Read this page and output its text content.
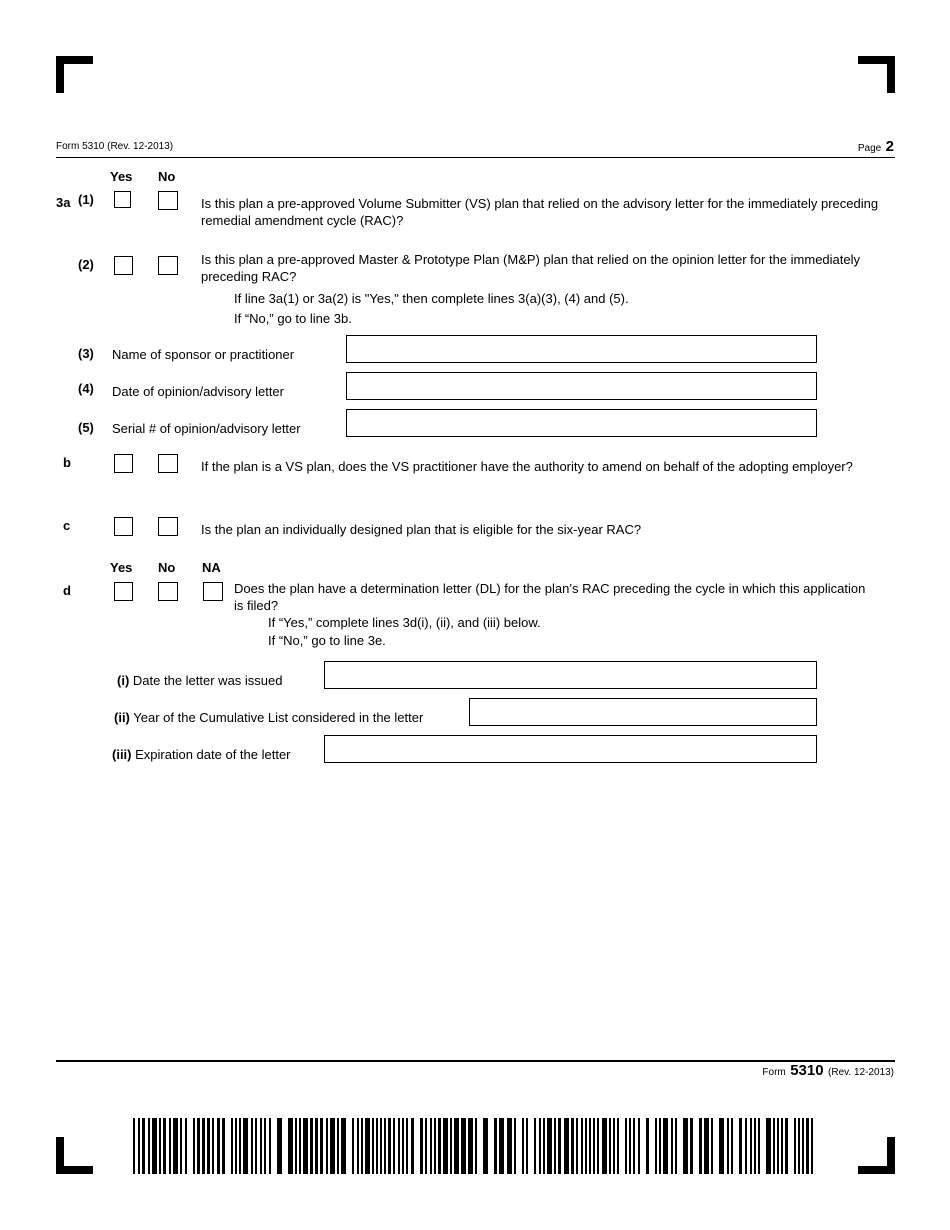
Form 5310 (Rev. 12-2013)	Page 2
Yes No
3a (1)	Is this plan a pre-approved Volume Submitter (VS) plan that relied on the advisory letter for the immediately preceding remedial amendment cycle (RAC)?
(2)	Is this plan a pre-approved Master & Prototype Plan (M&P) plan that relied on the opinion letter for the immediately preceding RAC?
If line 3a(1) or 3a(2) is "Yes," then complete lines 3(a)(3), (4) and (5).
If “No,” go to line 3b.
(3) Name of sponsor or practitioner
(4) Date of opinion/advisory letter
(5) Serial # of opinion/advisory letter
b	If the plan is a VS plan, does the VS practitioner have the authority to amend on behalf of the adopting employer?
c	Is the plan an individually designed plan that is eligible for the six-year RAC?
Yes No NA
d	Does the plan have a determination letter (DL) for the plan’s RAC preceding the cycle in which this application is filed?
If “Yes,” complete lines 3d(i), (ii), and (iii) below.
If “No,” go to line 3e.
(i) Date the letter was issued
(ii) Year of the Cumulative List considered in the letter
(iii) Expiration date of the letter
Form 5310 (Rev. 12-2013)
